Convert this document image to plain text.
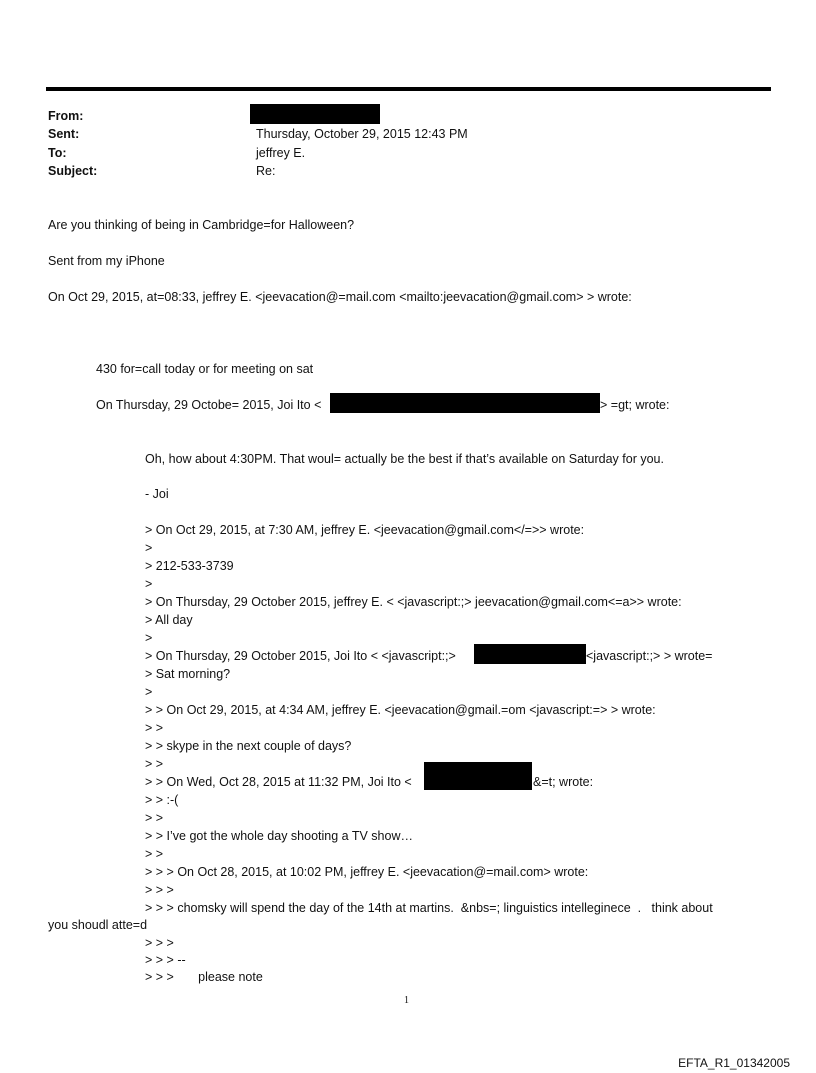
From:
Sent:	Thursday, October 29, 2015 12:43 PM
To:	jeffrey E.
Subject:	Re:
Are you thinking of being in Cambridge=for Halloween?
Sent from my iPhone
On Oct 29, 2015, at=08:33, jeffrey E. <jeevacation@=mail.com <mailto:jeevacation@gmail.com> > wrote:
430 for=call today or for meeting on sat
On Thursday, 29 Octobe= 2015, Joi Ito <	> =gt; wrote:
Oh, how about 4:30PM. That woul= actually be the best if that’s available on Saturday for you.
- Joi
> On Oct 29, 2015, at 7:30 AM, jeffrey E. <jeevacation@gmail.com</=>> wrote:
>
> 212-533-3739
>
> On Thursday, 29 October 2015, jeffrey E. < <javascript:;> jeevacation@gmail.com<=a>> wrote:
> All day
>
> On Thursday, 29 October 2015, Joi Ito < <javascript:;>	<javascript:;> > wrote=
> Sat morning?
>
> > On Oct 29, 2015, at 4:34 AM, jeffrey E. <jeevacation@gmail.=om <javascript:=> > wrote:
> >
> > skype in the next couple of days?
> >
> > On Wed, Oct 28, 2015 at 11:32 PM, Joi Ito <	&=t; wrote:
> > :-(
> >
> > I’ve got the whole day shooting a TV show…
> >
> > > On Oct 28, 2015, at 10:02 PM, jeffrey E. <jeevacation@=mail.com> wrote:
> > >
> > > chomsky will spend the day of the 14th at martins.  &nbs=; linguistics intelleginece  .   think about
you shoudl atte=d
> > >
> > > --
> > >       please note
1
EFTA_R1_01342005
